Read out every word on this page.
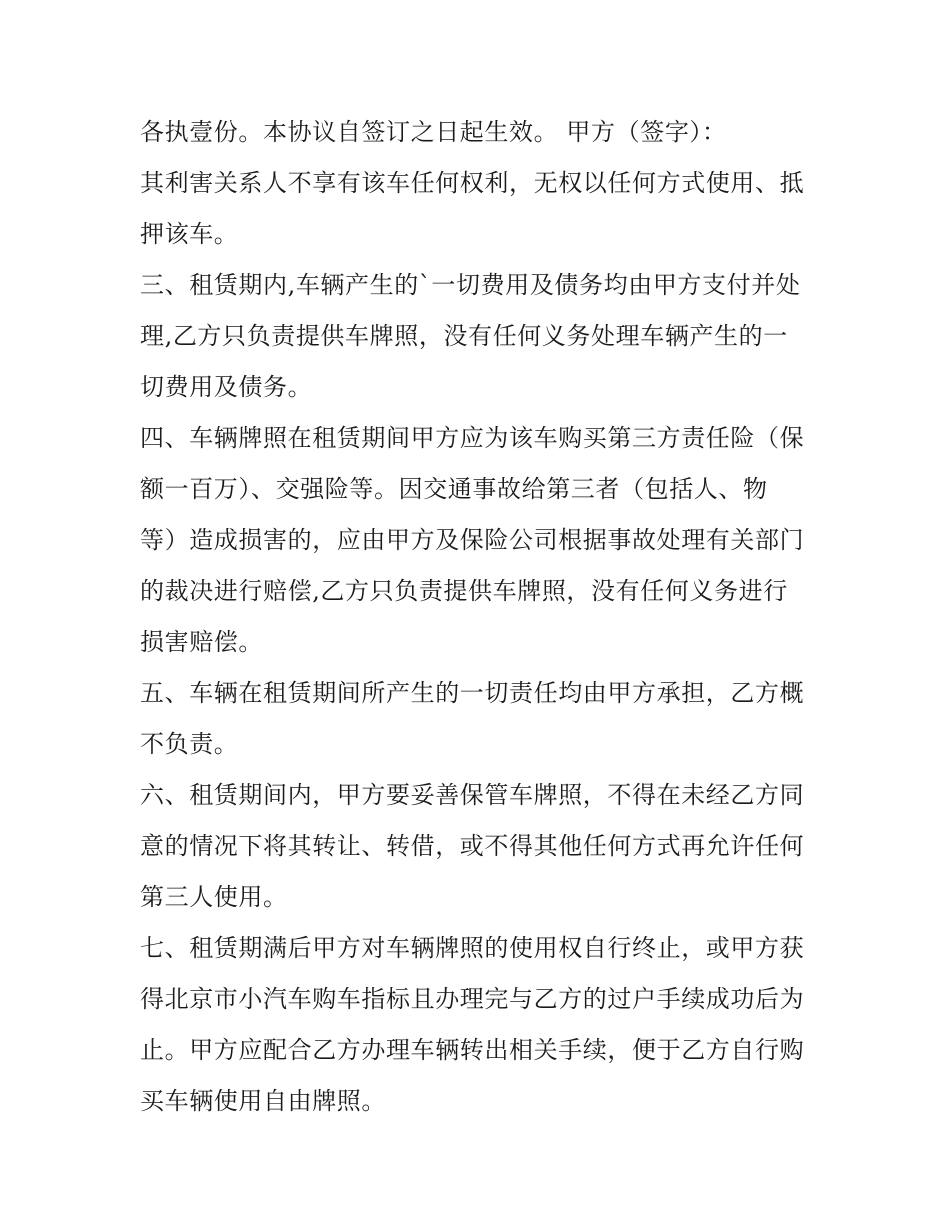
各执壹份。本协议自签订之日起生效。 甲方（签字）：

其利害关系人不享有该车任何权利，无权以任何方式使用、抵
押该车。

三、租赁期内,车辆产生的`一切费用及债务均由甲方支付并处
理,乙方只负责提供车牌照，没有任何义务处理车辆产生的一
切费用及债务。

四、车辆牌照在租赁期间甲方应为该车购买第三方责任险（保
额一百万）、交强险等。因交通事故给第三者（包括人、物
等）造成损害的，应由甲方及保险公司根据事故处理有关部门
的裁决进行赔偿,乙方只负责提供车牌照，没有任何义务进行
损害赔偿。

五、车辆在租赁期间所产生的一切责任均由甲方承担，乙方概
不负责。

六、租赁期间内，甲方要妥善保管车牌照，不得在未经乙方同
意的情况下将其转让、转借，或不得其他任何方式再允许任何
第三人使用。

七、租赁期满后甲方对车辆牌照的使用权自行终止，或甲方获
得北京市小汽车购车指标且办理完与乙方的过户手续成功后为
止。甲方应配合乙方办理车辆转出相关手续，便于乙方自行购
买车辆使用自由牌照。
